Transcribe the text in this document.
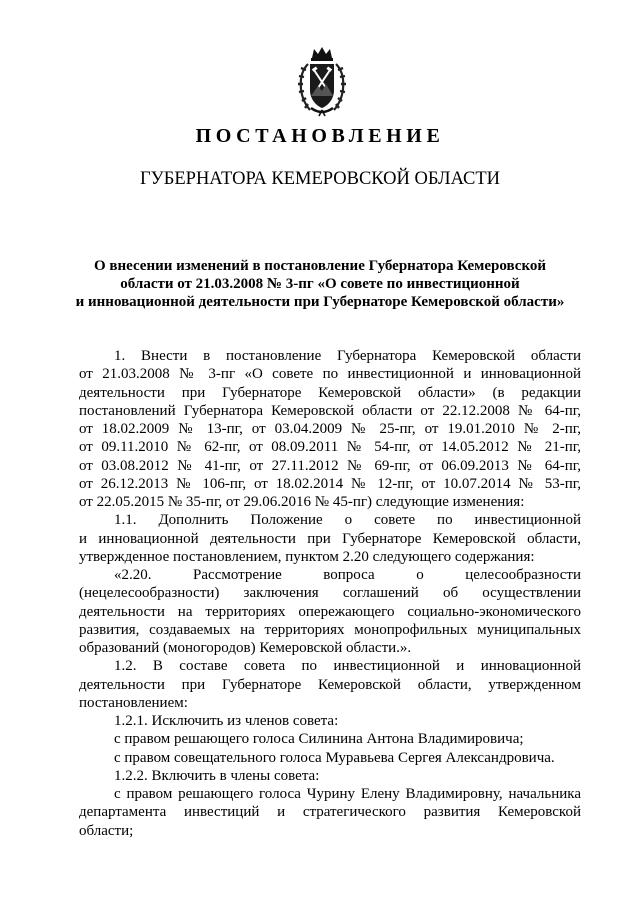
ПОСТАНОВЛЕНИЕ
ГУБЕРНАТОРА КЕМЕРОВСКОЙ ОБЛАСТИ
О внесении изменений в постановление Губернатора Кемеровской
области от 21.03.2008 № 3-пг «О совете по инвестиционной
и инновационной деятельности при Губернаторе Кемеровской области»

1. Внести в постановление Губернатора Кемеровской области

от 21.03.2008 № 3-пг «О совете по инвестиционной и инновационной

деятельности при Губернаторе Кемеровской области» (в редакции

постановлений Губернатора Кемеровской области от 22.12.2008 № 64-пг,

от 18.02.2009 № 13-пг, от 03.04.2009 № 25-пг, от 19.01.2010 № 2-пг,

от 09.11.2010 № 62-пг, от 08.09.2011 № 54-пг, от 14.05.2012 № 21-пг,

от 03.08.2012 № 41-пг, от 27.11.2012 № 69-пг, от 06.09.2013 № 64-пг,

от 26.12.2013 № 106-пг, от 18.02.2014 № 12-пг, от 10.07.2014 № 53-пг,

от 22.05.2015 № 35-пг, от 29.06.2016 № 45-пг) следующие изменения:

1.1. Дополнить Положение о совете по инвестиционной

и инновационной деятельности при Губернаторе Кемеровской области,

утвержденное постановлением, пунктом 2.20 следующего содержания:

«2.20. Рассмотрение вопроса о целесообразности

(нецелесообразности) заключения соглашений об осуществлении

деятельности на территориях опережающего социально-экономического

развития, создаваемых на территориях монопрофильных муниципальных

образований (моногородов) Кемеровской области.».

1.2. В составе совета по инвестиционной и инновационной

деятельности при Губернаторе Кемеровской области, утвержденном

постановлением:

1.2.1. Исключить из членов совета:

с правом решающего голоса Силинина Антона Владимировича;

с правом совещательного голоса Муравьева Сергея Александровича.

1.2.2. Включить в члены совета:

с правом решающего голоса Чурину Елену Владимировну, начальника

департамента инвестиций и стратегического развития Кемеровской

области;
